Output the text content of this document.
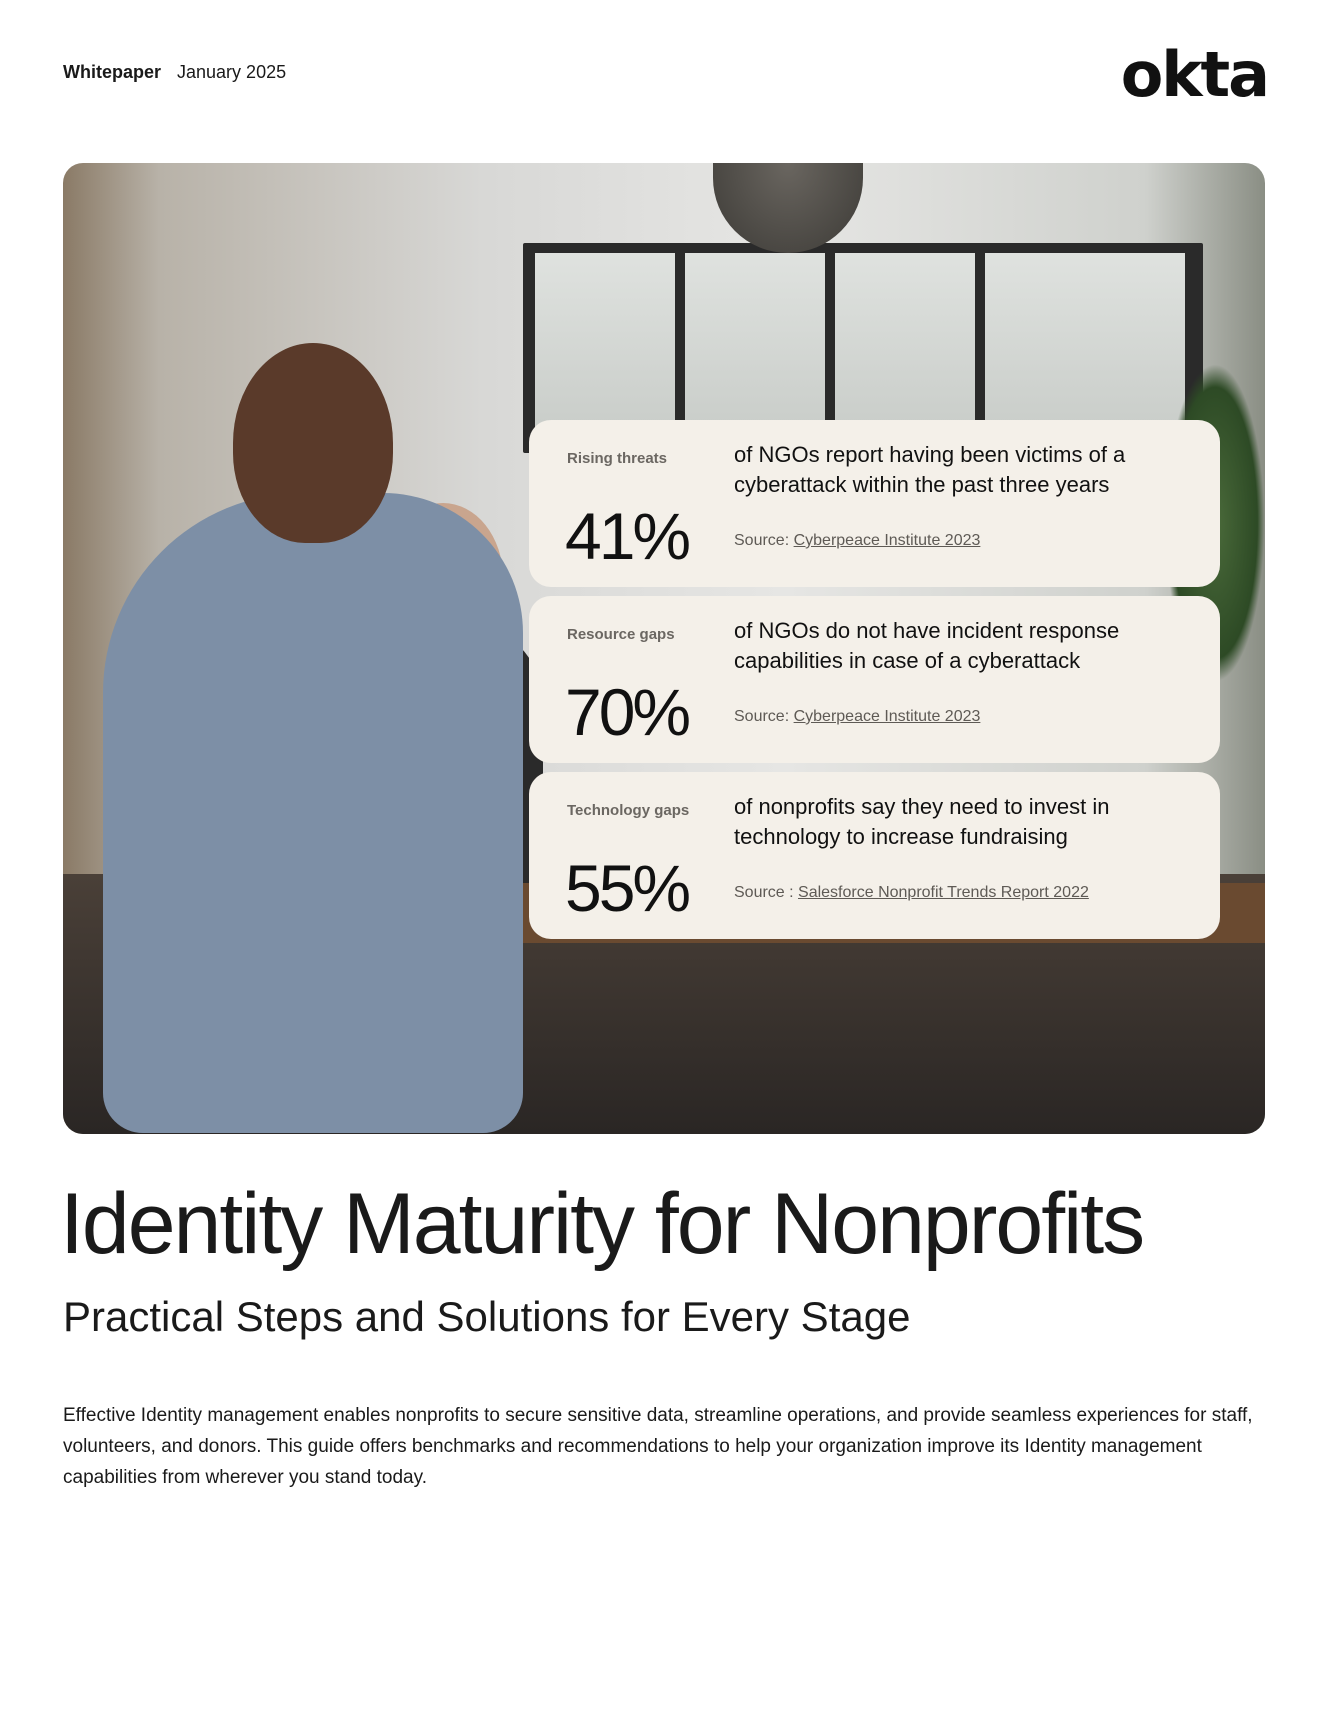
Whitepaper January 2025	okta
Rising threats
41%
of NGOs report having been victims of a cyberattack within the past three years
Source: Cyberpeace Institute 2023
Resource gaps
70%
of NGOs do not have incident response capabilities in case of a cyberattack
Source: Cyberpeace Institute 2023
Technology gaps
55%
of nonprofits say they need to invest in technology to increase fundraising
Source : Salesforce Nonprofit Trends Report 2022
Identity Maturity for Nonprofits
Practical Steps and Solutions for Every Stage

Effective Identity management enables nonprofits to secure sensitive data, streamline operations, and provide seamless experiences for staff, volunteers, and donors. This guide offers benchmarks and recommendations to help your organization improve its Identity management capabilities from wherever you stand today.
